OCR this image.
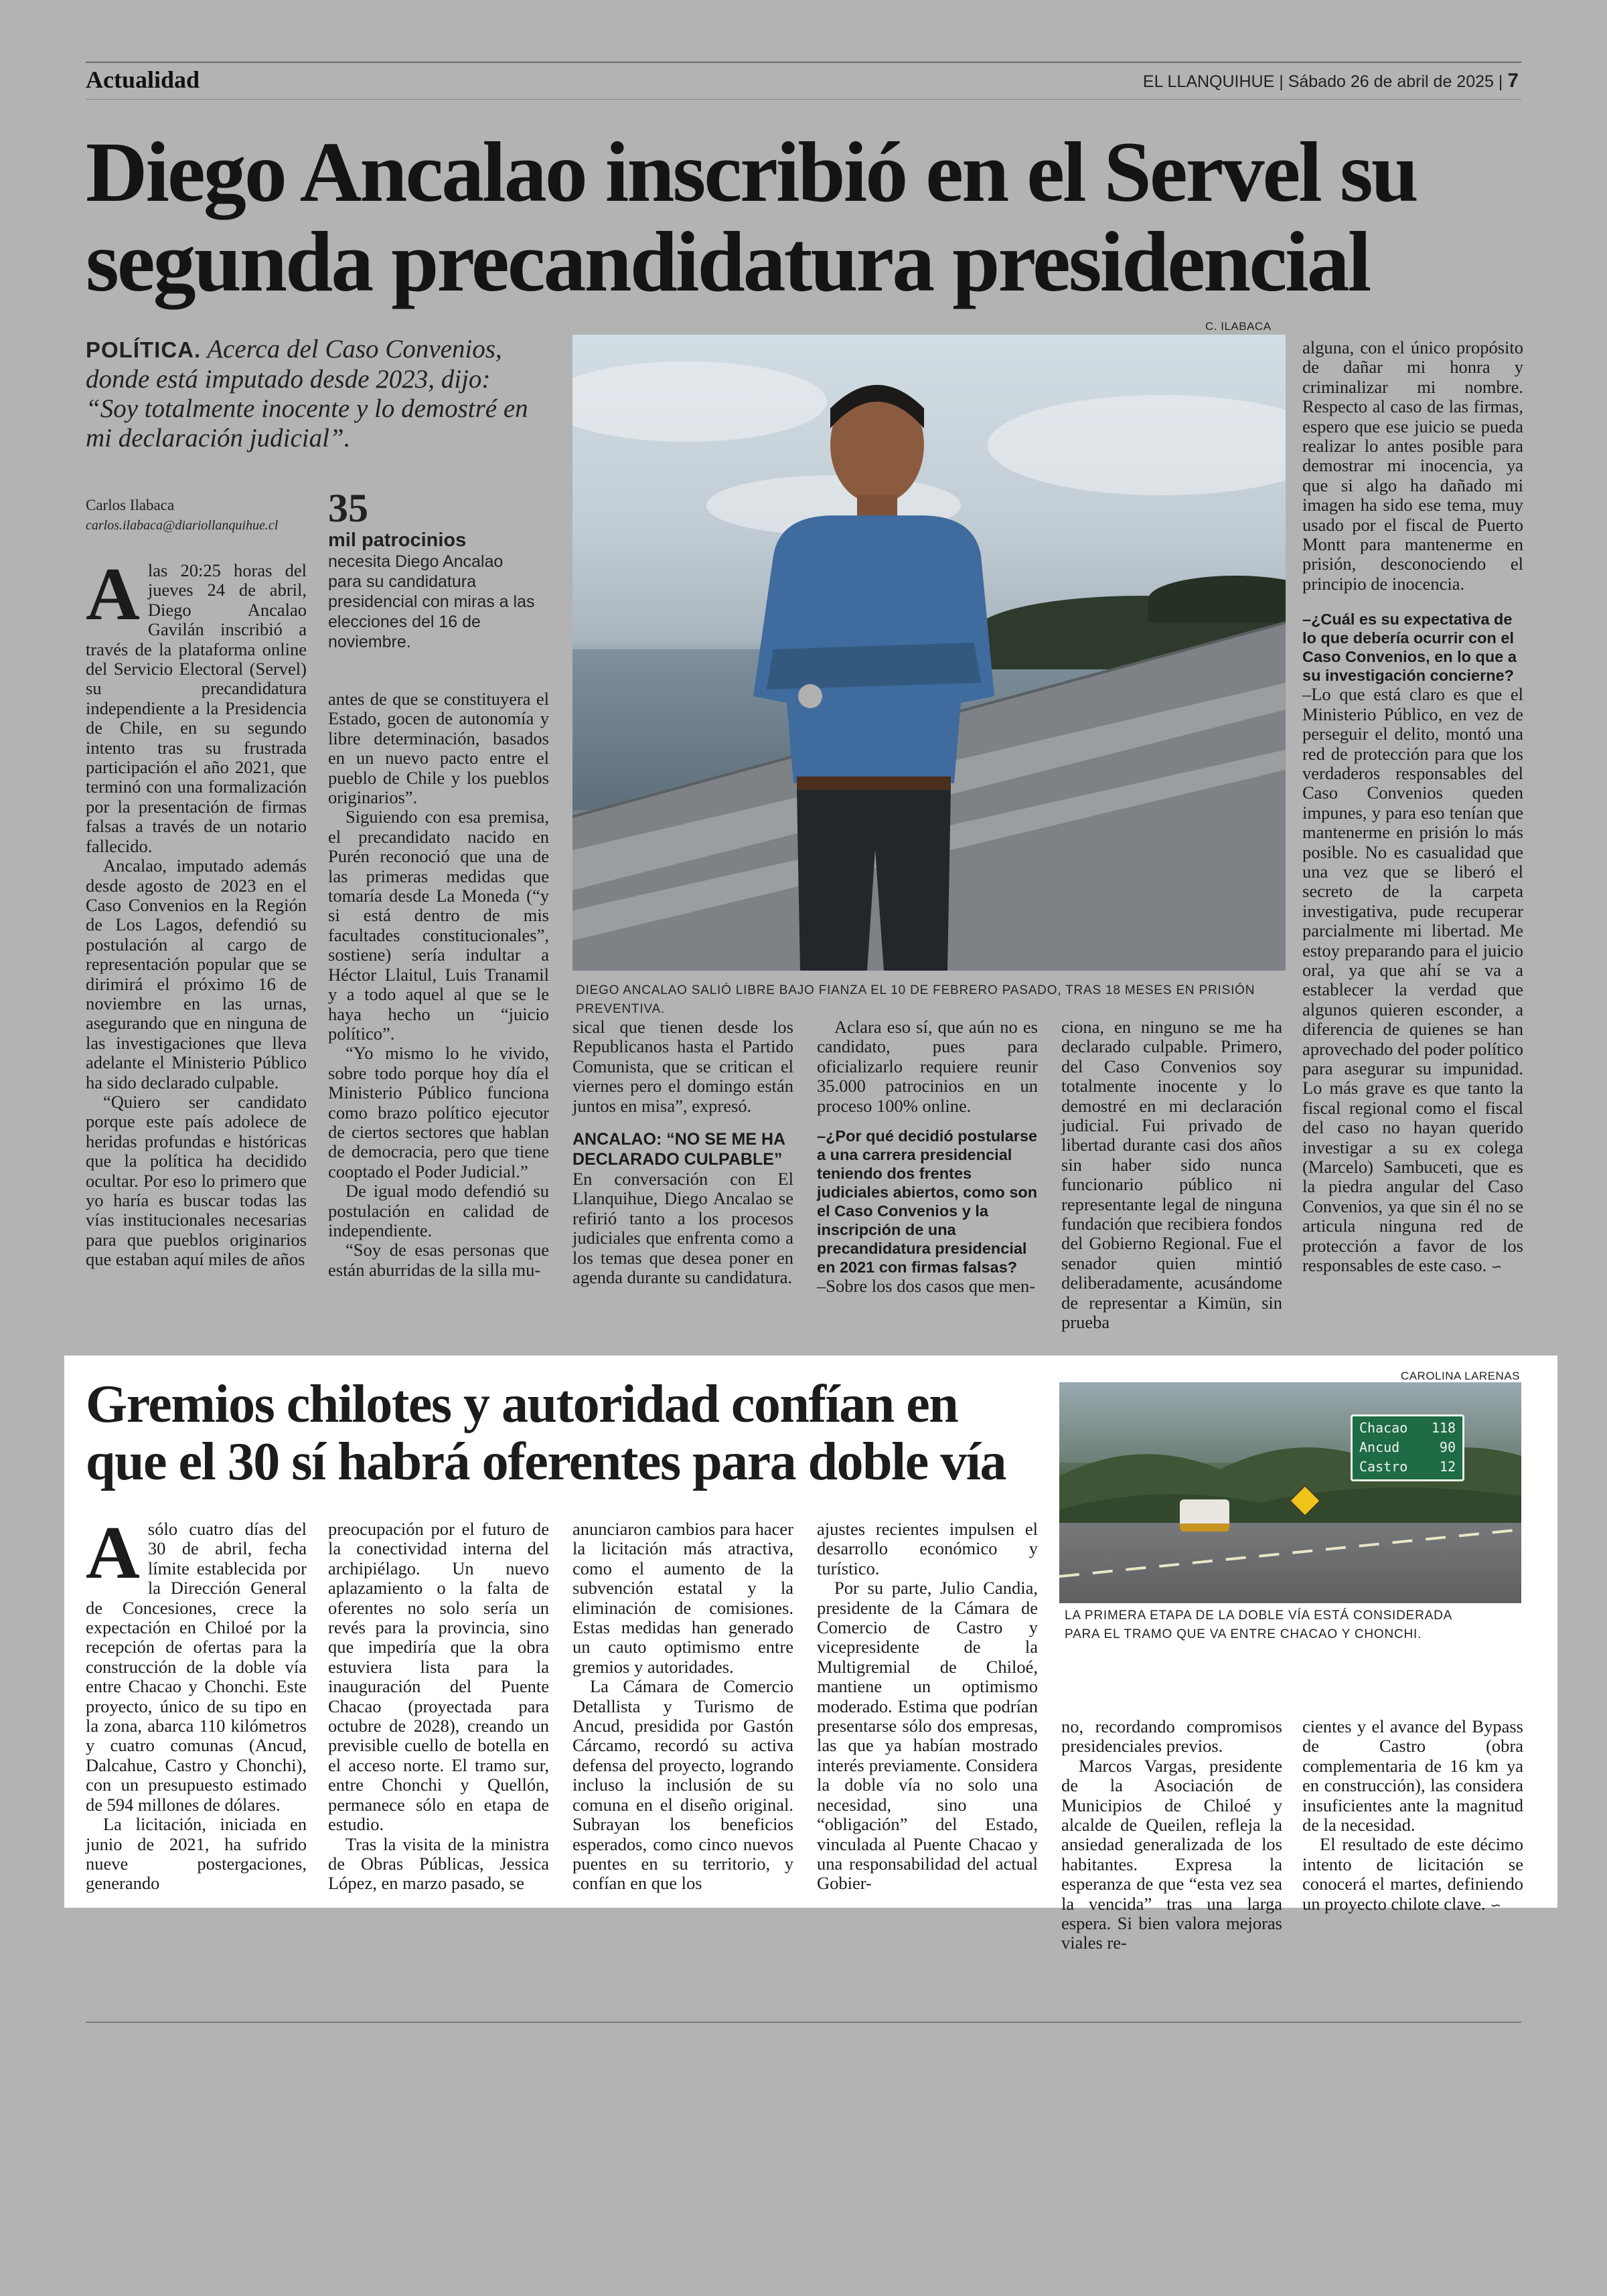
Actualidad	EL LLANQUIHUE | Sábado 26 de abril de 2025 | 7
Diego Ancalao inscribió en el Servel su
segunda precandidatura presidencial
POLÍTICA. Acerca del Caso Convenios, donde está imputado desde 2023, dijo: “Soy totalmente inocente y lo demostré en mi declaración judicial”.
Carlos Ilabaca
carlos.ilabaca@diariollanquihue.cl	35
mil patrocinios
necesita Diego Ancalao para su candidatura presidencial con miras a las elecciones del 16 de noviembre.
C. ILABACA
DIEGO ANCALAO SALIÓ LIBRE BAJO FIANZA EL 10 DE FEBRERO PASADO, TRAS 18 MESES EN PRISIÓN PREVENTIVA.

Alas 20:25 horas del jueves 24 de abril, Diego Ancalao Gavilán inscribió a través de la plataforma online del Servicio Electoral (Servel) su precandidatura independiente a la Presidencia de Chile, en su segundo intento tras su frustrada participación el año 2021, que terminó con una formalización por la presentación de firmas falsas a través de un notario fallecido.

Ancalao, imputado además desde agosto de 2023 en el Caso Convenios en la Región de Los Lagos, defendió su postulación al cargo de representación popular que se dirimirá el próximo 16 de noviembre en las urnas, asegurando que en ninguna de las investigaciones que lleva adelante el Ministerio Público ha sido declarado culpable.

“Quiero ser candidato porque este país adolece de heridas profundas e históricas que la política ha decidido ocultar. Por eso lo primero que yo haría es buscar todas las vías institucionales necesarias para que pueblos originarios que estaban aquí miles de años

antes de que se constituyera el Estado, gocen de autonomía y libre determinación, basados en un nuevo pacto entre el pueblo de Chile y los pueblos originarios”.

Siguiendo con esa premisa, el precandidato nacido en Purén reconoció que una de las primeras medidas que tomaría desde La Moneda (“y si está dentro de mis facultades constitucionales”, sostiene) sería indultar a Héctor Llaitul, Luis Tranamil y a todo aquel al que se le haya hecho un “juicio político”.

“Yo mismo lo he vivido, sobre todo porque hoy día el Ministerio Público funciona como brazo político ejecutor de ciertos sectores que hablan de democracia, pero que tiene cooptado el Poder Judicial.”

De igual modo defendió su postulación en calidad de independiente.

“Soy de esas personas que están aburridas de la silla mu-

sical que tienen desde los Republicanos hasta el Partido Comunista, que se critican el viernes pero el domingo están juntos en misa”, expresó.

ANCALAO: “NO SE ME HA DECLARADO CULPABLE”

En conversación con El Llanquihue, Diego Ancalao se refirió tanto a los procesos judiciales que enfrenta como a los temas que desea poner en agenda durante su candidatura.

Aclara eso sí, que aún no es candidato, pues para oficializarlo requiere reunir 35.000 patrocinios en un proceso 100% online.

–¿Por qué decidió postularse a una carrera presidencial teniendo dos frentes judiciales abiertos, como son el Caso Convenios y la inscripción de una precandidatura presidencial en 2021 con firmas falsas?

–Sobre los dos casos que men-

ciona, en ninguno se me ha declarado culpable. Primero, del Caso Convenios soy totalmente inocente y lo demostré en mi declaración judicial. Fui privado de libertad durante casi dos años sin haber sido nunca funcionario público ni representante legal de ninguna fundación que recibiera fondos del Gobierno Regional. Fue el senador quien mintió deliberadamente, acusándome de representar a Kimün, sin prueba

alguna, con el único propósito de dañar mi honra y criminalizar mi nombre. Respecto al caso de las firmas, espero que ese juicio se pueda realizar lo antes posible para demostrar mi inocencia, ya que si algo ha dañado mi imagen ha sido ese tema, muy usado por el fiscal de Puerto Montt para mantenerme en prisión, desconociendo el principio de inocencia.

–¿Cuál es su expectativa de lo que debería ocurrir con el Caso Convenios, en lo que a su investigación concierne?

–Lo que está claro es que el Ministerio Público, en vez de perseguir el delito, montó una red de protección para que los verdaderos responsables del Caso Convenios queden impunes, y para eso tenían que mantenerme en prisión lo más posible. No es casualidad que una vez que se liberó el secreto de la carpeta investigativa, pude recuperar parcialmente mi libertad. Me estoy preparando para el juicio oral, ya que ahí se va a establecer la verdad que algunos quieren esconder, a diferencia de quienes se han aprovechado del poder político para asegurar su impunidad. Lo más grave es que tanto la fiscal regional como el fiscal del caso no hayan querido investigar a su ex colega (Marcelo) Sambuceti, que es la piedra angular del Caso Convenios, ya que sin él no se articula ninguna red de protección a favor de los responsables de este caso. ∽

Gremios chilotes y autoridad confían en
que el 30 sí habrá oferentes para doble vía
CAROLINA LARENAS
Chacao 118
Ancud	90
Castro 12
LA PRIMERA ETAPA DE LA DOBLE VÍA ESTÁ CONSIDERADA PARA EL TRAMO QUE VA ENTRE CHACAO Y CHONCHI.

Asólo cuatro días del 30 de abril, fecha límite establecida por la Dirección General de Concesiones, crece la expectación en Chiloé por la recepción de ofertas para la construcción de la doble vía entre Chacao y Chonchi. Este proyecto, único de su tipo en la zona, abarca 110 kilómetros y cuatro comunas (Ancud, Dalcahue, Castro y Chonchi), con un presupuesto estimado de 594 millones de dólares.

La licitación, iniciada en junio de 2021, ha sufrido nueve postergaciones, generando

preocupación por el futuro de la conectividad interna del archipiélago. Un nuevo aplazamiento o la falta de oferentes no solo sería un revés para la provincia, sino que impediría que la obra estuviera lista para la inauguración del Puente Chacao (proyectada para octubre de 2028), creando un previsible cuello de botella en el acceso norte. El tramo sur, entre Chonchi y Quellón, permanece sólo en etapa de estudio.

Tras la visita de la ministra de Obras Públicas, Jessica López, en marzo pasado, se

anunciaron cambios para hacer la licitación más atractiva, como el aumento de la subvención estatal y la eliminación de comisiones. Estas medidas han generado un cauto optimismo entre gremios y autoridades.

La Cámara de Comercio Detallista y Turismo de Ancud, presidida por Gastón Cárcamo, recordó su activa defensa del proyecto, logrando incluso la inclusión de su comuna en el diseño original. Subrayan los beneficios esperados, como cinco nuevos puentes en su territorio, y confían en que los

ajustes recientes impulsen el desarrollo económico y turístico.

Por su parte, Julio Candia, presidente de la Cámara de Comercio de Castro y vicepresidente de la Multigremial de Chiloé, mantiene un optimismo moderado. Estima que podrían presentarse sólo dos empresas, las que ya habían mostrado interés previamente. Considera la doble vía no solo una necesidad, sino una “obligación” del Estado, vinculada al Puente Chacao y una responsabilidad del actual Gobier-

no, recordando compromisos presidenciales previos.

Marcos Vargas, presidente de la Asociación de Municipios de Chiloé y alcalde de Queilen, refleja la ansiedad generalizada de los habitantes. Expresa la esperanza de que “esta vez sea la vencida” tras una larga espera. Si bien valora mejoras viales re-

cientes y el avance del Bypass de Castro (obra complementaria de 16 km ya en construcción), las considera insuficientes ante la magnitud de la necesidad.

El resultado de este décimo intento de licitación se conocerá el martes, definiendo un proyecto chilote clave. ∽
